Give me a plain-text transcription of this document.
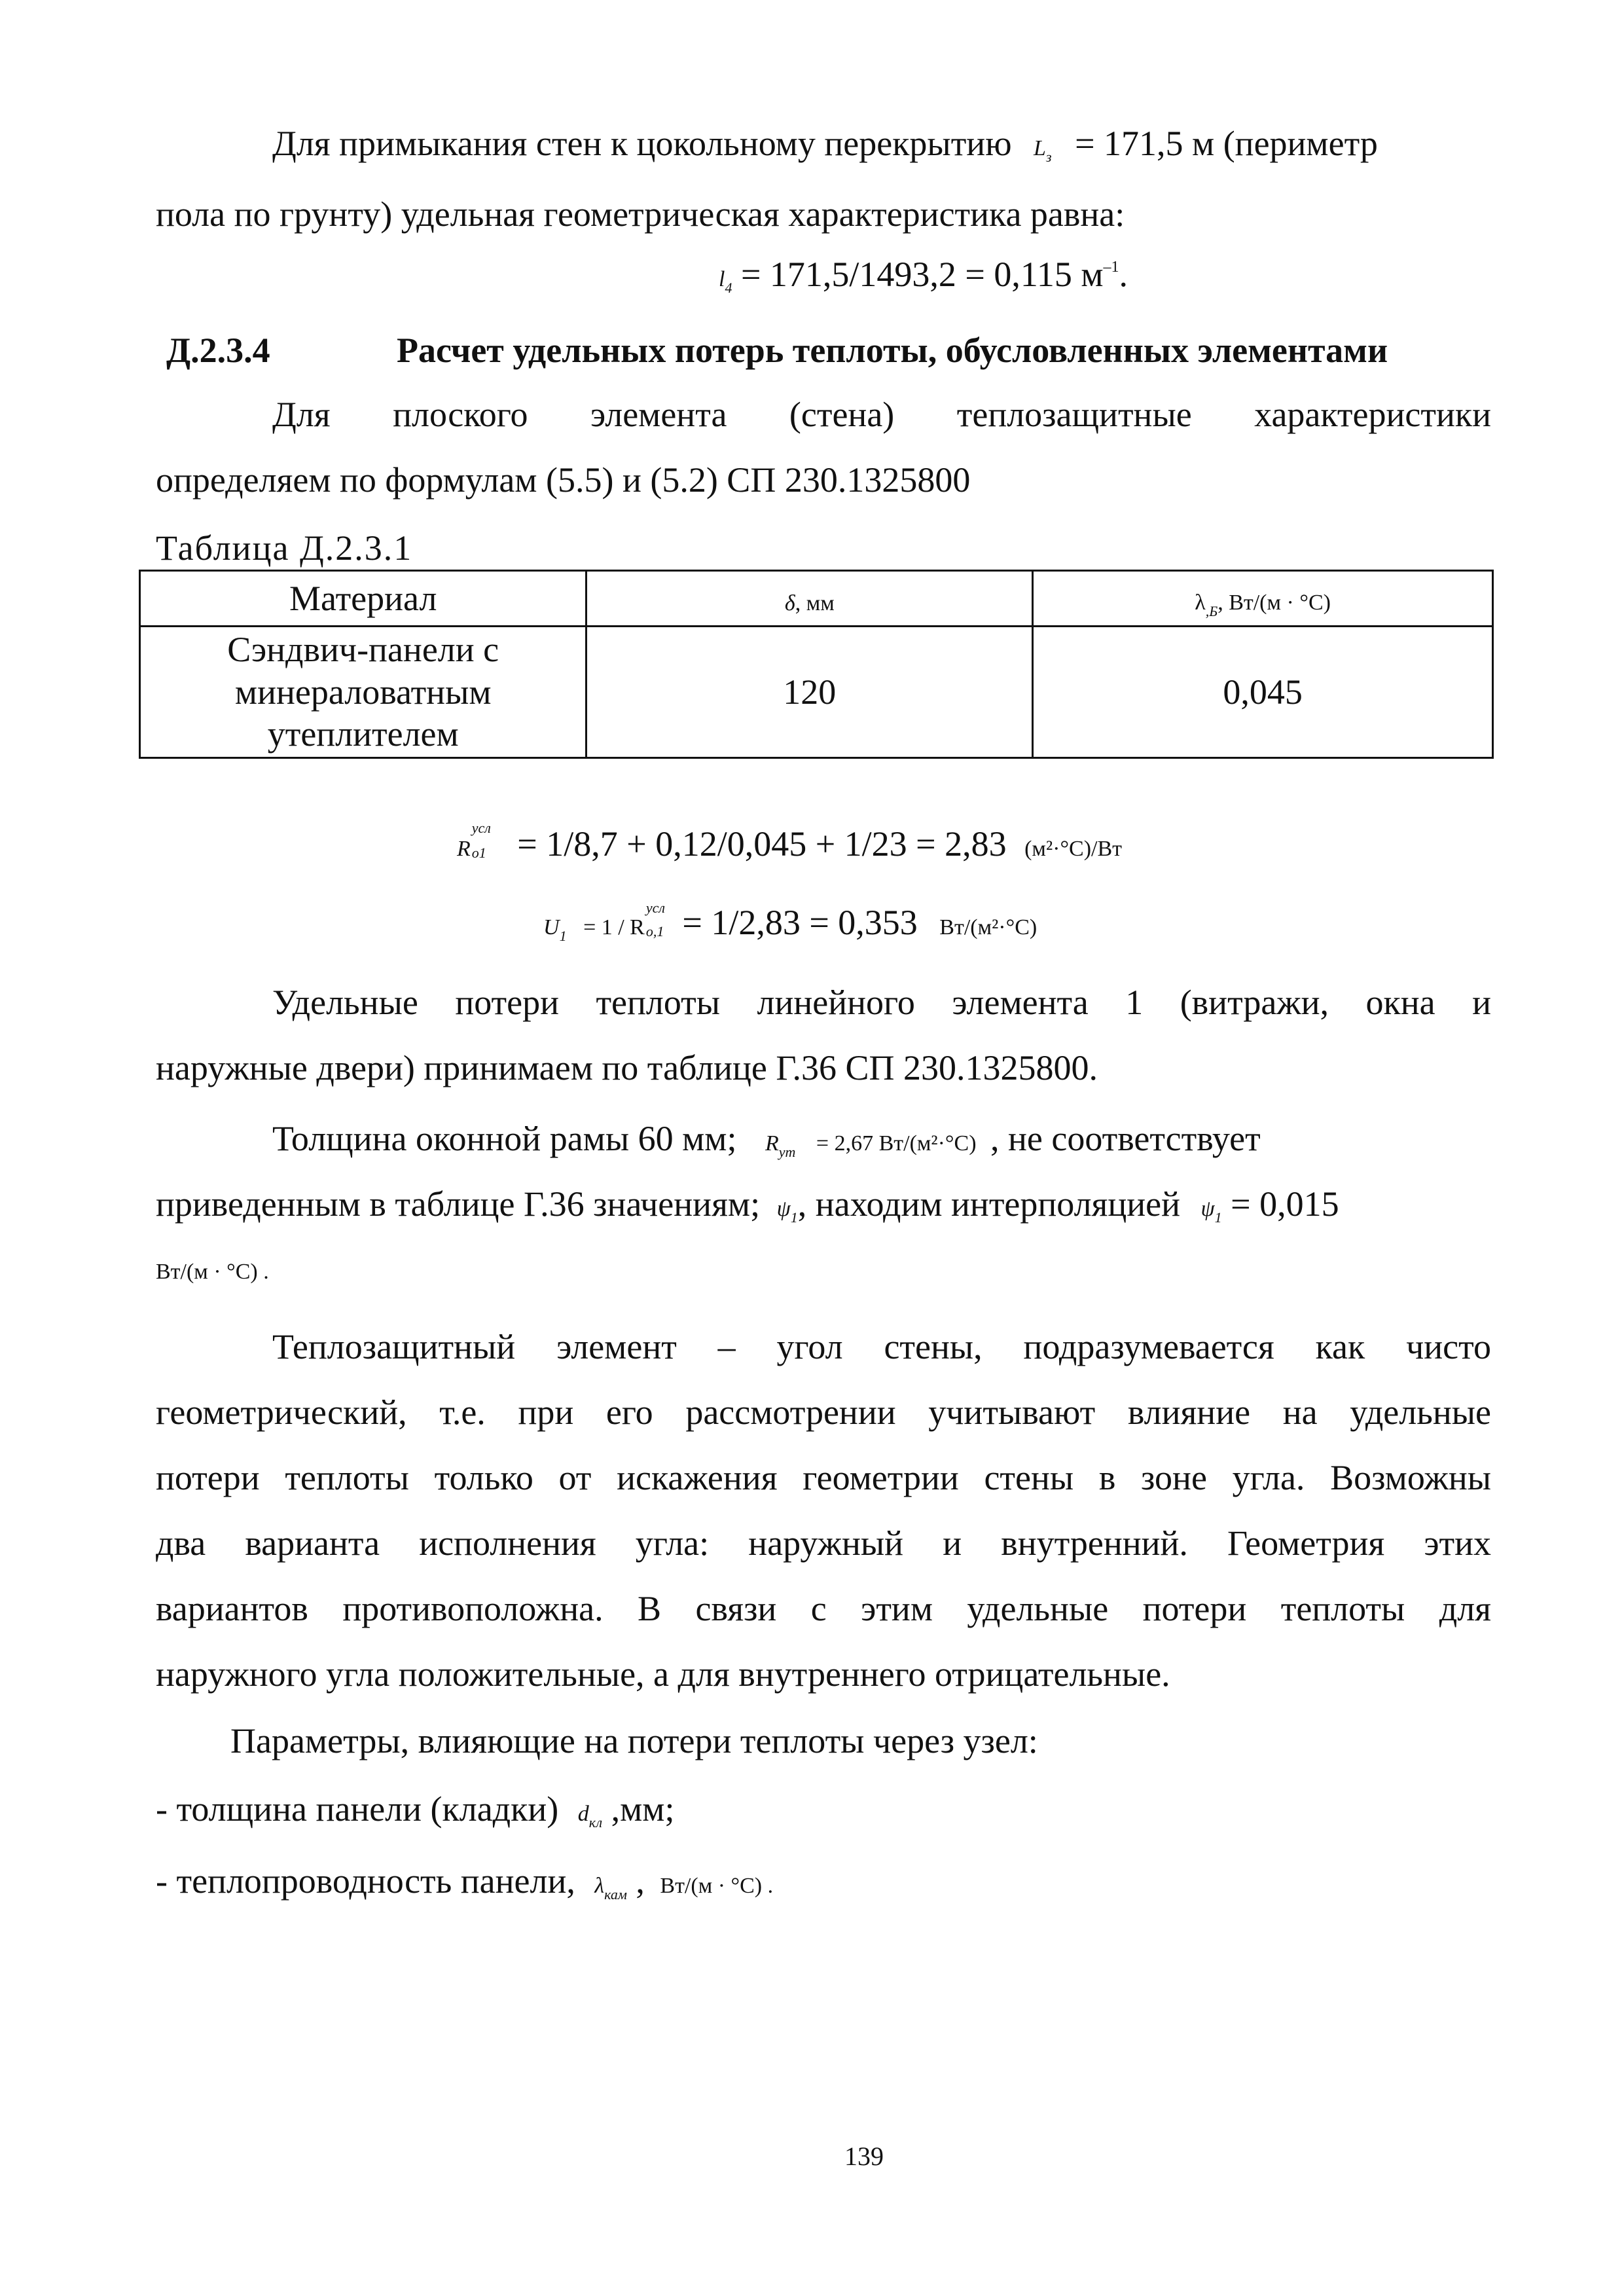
Для примыкания стен к цокольному перекрытию $L_з = 171,5$ м (периметр
пола по грунту) удельная геометрическая характеристика равна:
$l_4 = 171,5/1493,2 = 0,115$ $м^{-1}$.
Д.2.3.4	Расчет удельных потерь теплоты, обусловленных элементами
Для плоского элемента (стена) теплозащитные характеристики
определяем по формулам (5.5) и (5.2) СП 230.1325800
Таблица Д.2.3.1
Материал	δ, мм	$\lambda_{,Б}$, Вт/(м · °С)

Сэндвич-панели с
минераловатным
утеплителем	120	0,045
R
усл
о1 = 1/8,7 + 0,12/0,045 + 1/23 = 2,83 (м²·°С)/Вт
$U_1 = 1 / R$
усл
о,1 = 1/2,83 = 0,353 Вт/(м²·°С)
Удельные потери теплоты линейного элемента 1 (витражи, окна и
наружные двери) принимаем по таблице Г.36 СП 230.1325800.
Толщина оконной рамы 60 мм; $R_{ут} = 2,67$ Вт/(м²·°С) , не соответствует
приведенным в таблице Г.36 значениям; $\psi_1$, находим интерполяцией $\psi_1 = 0,015$
Вт/(м · °С) .
Теплозащитный элемент – угол стены, подразумевается как чисто
геометрический, т.е. при его рассмотрении учитывают влияние на удельные
потери теплоты только от искажения геометрии стены в зоне угла. Возможны
два варианта исполнения угла: наружный и внутренний. Геометрия этих
вариантов противоположна. В связи с этим удельные потери теплоты для
наружного угла положительные, а для внутреннего отрицательные.
Параметры, влияющие на потери теплоты через узел:
- толщина панели (кладки) $d_{кл}$ ,мм;
- теплопроводность панели, $\lambda_{кам}$ , Вт/(м · °С) .
139
